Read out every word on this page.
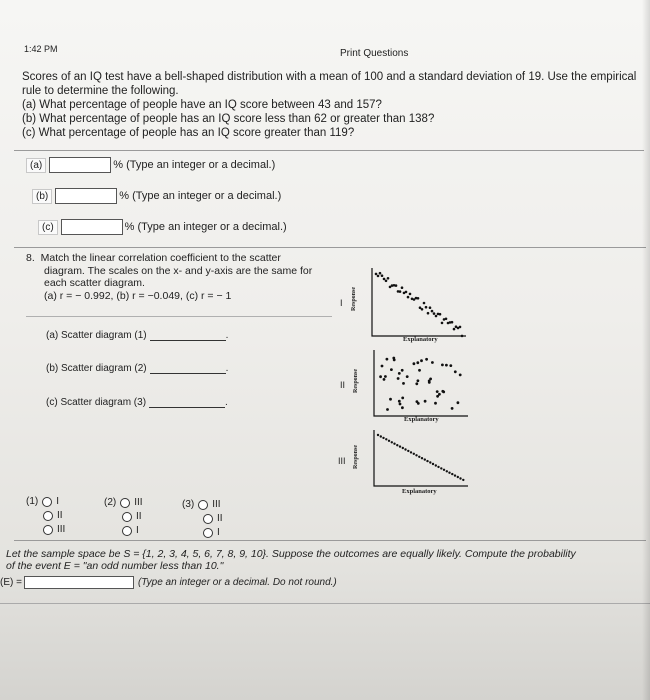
1:42 PM	Print Questions
Scores of an IQ test have a bell-shaped distribution with a mean of 100 and a standard deviation of 19. Use the empirical
rule to determine the following.
(a) What percentage of people have an IQ score between 43 and 157?
(b) What percentage of people has an IQ score less than 62 or greater than 138?
(c) What percentage of people has an IQ score greater than 119?
(a)	% (Type an integer or a decimal.)
(b)	% (Type an integer or a decimal.)
(c)	% (Type an integer or a decimal.)
8. Match the linear correlation coefficient to the scatter
diagram. The scales on the x- and y-axis are the same for
each scatter diagram.
(a) r = − 0.992, (b) r = −0.049, (c) r = − 1
(a) Scatter diagram (1)	.
(b) Scatter diagram (2)	.
(c) Scatter diagram (3)	.
(1) I
II
III
(2) III
II
I
(3) III
II
I
I Response
Explanatory
II Response
Explanatory
III Response
Explanatory
Let the sample space be S = {1, 2, 3, 4, 5, 6, 7, 8, 9, 10}. Suppose the outcomes are equally likely. Compute the probability
of the event E = "an odd number less than 10."
(E) =	(Type an integer or a decimal. Do not round.)
